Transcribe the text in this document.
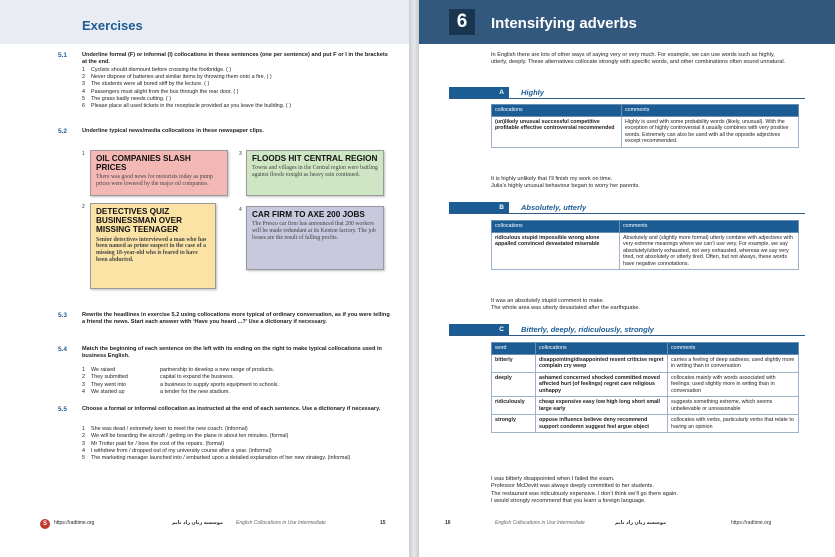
Exercises
5.1	Underline formal (F) or informal (I) collocations in these sentences (one per sentence) and put F or I in the brackets at the end.
1 Cyclists should dismount before crossing the footbridge. ( )
2 Never dispose of batteries and similar items by throwing them onto a fire. ( )
3 The students were all bored stiff by the lecture. ( )
4 Passengers must alight from the bus through the rear door. ( )
5 The grass badly needs cutting. ( )
6 Please place all used tickets in the receptacle provided as you leave the building. ( )
5.2	Underline typical news/media collocations in these newspaper clips.
1 OIL COMPANIES SLASH PRICES
There was good news for motorists today as pump prices were lowered by the major oil companies.
3 FLOODS HIT CENTRAL REGION
Towns and villages in the Central region were battling against floods tonight as heavy rain continued.
2 DETECTIVES QUIZ BUSINESSMAN OVER MISSING TEENAGER
Senior detectives interviewed a man who has been named as prime suspect in the case of a missing 18-year-old who is feared to have been abducted.
4 CAR FIRM TO AXE 200 JOBS
The Presco car firm has announced that 200 workers will be made redundant at its Kenton factory. The job losses are the result of falling profits.
5.3	Rewrite the headlines in exercise 5.2 using collocations more typical of ordinary conversation, as if you were telling a friend the news. Start each answer with ‘Have you heard ...?’ Use a dictionary if necessary.
5.4	Match the beginning of each sentence on the left with its ending on the right to make typical collocations used in business English.
1 We raised	partnership to develop a new range of products.
2 They submitted	capital to expand the business.
3 They went into	a business to supply sports equipment to schools.
4 We started up	a tender for the new stadium.
5.5	Choose a formal or informal collocation as instructed at the end of each sentence. Use a dictionary if necessary.
1 She was dead / extremely keen to meet the new coach. (informal)
2 We will be boarding the aircraft / getting on the plane in about ten minutes. (formal)
3 Mr Trotter paid for / bore the cost of the repairs. (formal)
4 I withdrew from / dropped out of my university course after a year. (informal)
5 The marketing manager launched into / embarked upon a detailed explanation of her new strategy. (informal)
S	https://radtime.org	موسسه زبان راد تایم	English Collocations in Use Intermediate	15
6	Intensifying adverbs
In English there are lots of other ways of saying very or very much. For example, we can use words such as highly, utterly, deeply. These alternatives collocate strongly with specific words, and other combinations often sound unnatural.
A	Highly
collocations	comments
(un)likely unusual successful competitive profitable effective controversial recommended	Highly is used with some probability words (likely, unusual). With the exception of highly controversial it usually combines with very positive words. Extremely can also be used with all the opposite adjectives except recommended.
It is highly unlikely that I’ll finish my work on time.
Julia’s highly unusual behaviour began to worry her parents.
B	Absolutely, utterly
collocations	comments
ridiculous stupid impossible wrong alone appalled convinced devastated miserable	Absolutely and (slightly more formal) utterly combine with adjectives with very extreme meanings where we can’t use very. For example, we say absolutely/utterly exhausted, not very exhausted, whereas we say very tired, not absolutely or utterly tired. Often, but not always, these words have negative connotations.
It was an absolutely stupid comment to make.
The whole area was utterly devastated after the earthquake.
C	Bitterly, deeply, ridiculously, strongly
word	collocations	comments
bitterly	disappointing/disappointed resent criticise regret complain cry weep	carries a feeling of deep sadness; used slightly more in writing than in conversation
deeply	ashamed concerned shocked committed moved affected hurt (of feelings) regret care religious unhappy	collocates mainly with words associated with feelings; used slightly more in writing than in conversation
ridiculously	cheap expensive easy low high long short small large early	suggests something extreme, which seems unbelievable or unreasonable
strongly	oppose influence believe deny recommend support condemn suggest feel argue object	collocates with verbs, particularly verbs that relate to having an opinion
I was bitterly disappointed when I failed the exam.
Professor McDevitt was always deeply committed to her students.
The restaurant was ridiculously expensive. I don’t think we’ll go there again.
I would strongly recommend that you learn a foreign language.
16	English Collocations in Use Intermediate	موسسه زبان راد تایم	https://radtime.org
